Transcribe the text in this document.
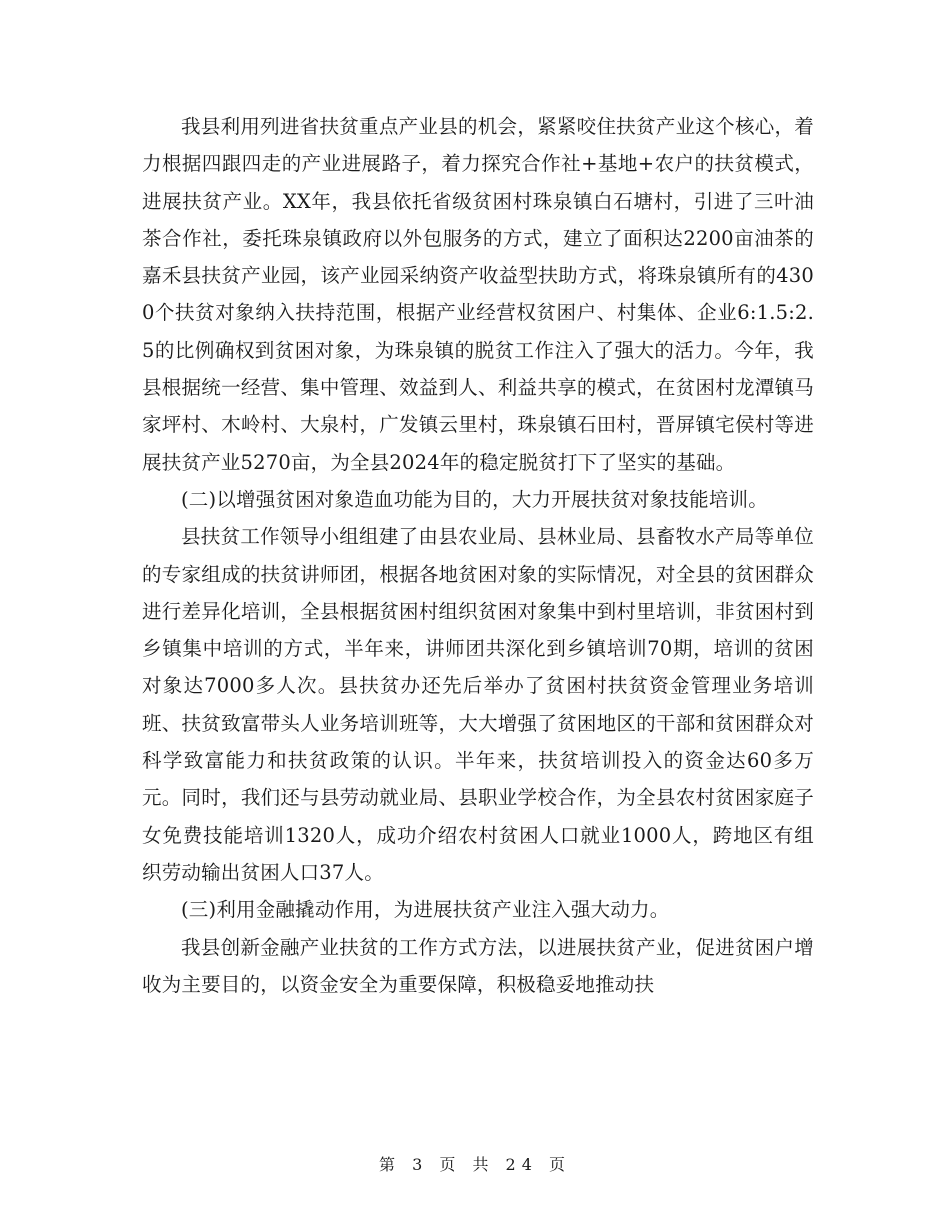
我县利用列进省扶贫重点产业县的机会，紧紧咬住扶贫产业这个核心，着力根据四跟四走的产业进展路子，着力探究合作社+基地+农户的扶贫模式，进展扶贫产业。XX年，我县依托省级贫困村珠泉镇白石塘村，引进了三叶油茶合作社，委托珠泉镇政府以外包服务的方式，建立了面积达2200亩油茶的嘉禾县扶贫产业园，该产业园采纳资产收益型扶助方式，将珠泉镇所有的4300个扶贫对象纳入扶持范围，根据产业经营权贫困户、村集体、企业6:1.5:2.5的比例确权到贫困对象，为珠泉镇的脱贫工作注入了强大的活力。今年，我县根据统一经营、集中管理、效益到人、利益共享的模式，在贫困村龙潭镇马家坪村、木岭村、大泉村，广发镇云里村，珠泉镇石田村，晋屏镇宅侯村等进展扶贫产业5270亩，为全县2024年的稳定脱贫打下了坚实的基础。

(二)以增强贫困对象造血功能为目的，大力开展扶贫对象技能培训。

县扶贫工作领导小组组建了由县农业局、县林业局、县畜牧水产局等单位的专家组成的扶贫讲师团，根据各地贫困对象的实际情况，对全县的贫困群众进行差异化培训，全县根据贫困村组织贫困对象集中到村里培训，非贫困村到乡镇集中培训的方式，半年来，讲师团共深化到乡镇培训70期，培训的贫困对象达7000多人次。县扶贫办还先后举办了贫困村扶贫资金管理业务培训班、扶贫致富带头人业务培训班等，大大增强了贫困地区的干部和贫困群众对科学致富能力和扶贫政策的认识。半年来，扶贫培训投入的资金达60多万元。同时，我们还与县劳动就业局、县职业学校合作，为全县农村贫困家庭子女免费技能培训1320人，成功介绍农村贫困人口就业1000人，跨地区有组织劳动输出贫困人口37人。

(三)利用金融撬动作用，为进展扶贫产业注入强大动力。

我县创新金融产业扶贫的工作方式方法，以进展扶贫产业，促进贫困户增收为主要目的，以资金安全为重要保障，积极稳妥地推动扶

第 3 页 共 24 页
